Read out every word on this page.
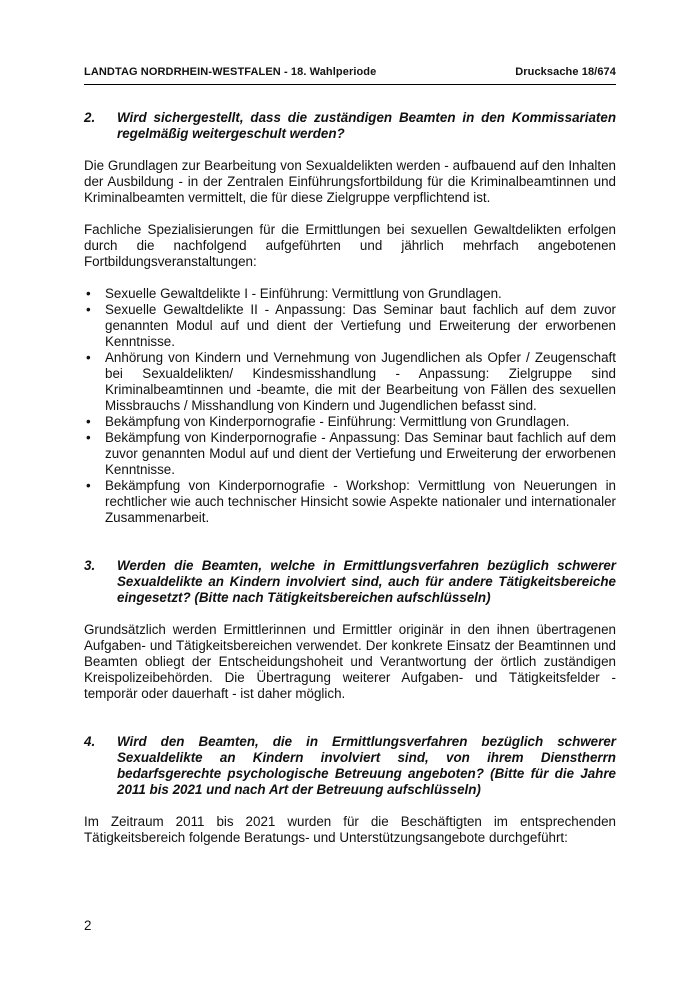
LANDTAG NORDRHEIN-WESTFALEN - 18. Wahlperiode	Drucksache 18/674
2.	Wird sichergestellt, dass die zuständigen Beamten in den Kommissariaten regelmäßig weitergeschult werden?

Die Grundlagen zur Bearbeitung von Sexualdelikten werden - aufbauend auf den Inhalten der Ausbildung - in der Zentralen Einführungsfortbildung für die Kriminalbeamtinnen und Kriminalbeamten vermittelt, die für diese Zielgruppe verpflichtend ist.

Fachliche Spezialisierungen für die Ermittlungen bei sexuellen Gewaltdelikten erfolgen durch die nachfolgend aufgeführten und jährlich mehrfach angebotenen Fortbildungsveranstaltungen:

• Sexuelle Gewaltdelikte I - Einführung: Vermittlung von Grundlagen.
• Sexuelle Gewaltdelikte II - Anpassung: Das Seminar baut fachlich auf dem zuvor genannten Modul auf und dient der Vertiefung und Erweiterung der erworbenen Kenntnisse.
• Anhörung von Kindern und Vernehmung von Jugendlichen als Opfer / Zeugenschaft bei Sexualdelikten/ Kindesmisshandlung - Anpassung: Zielgruppe sind Kriminalbeamtinnen und -beamte, die mit der Bearbeitung von Fällen des sexuellen Missbrauchs / Misshandlung von Kindern und Jugendlichen befasst sind.
• Bekämpfung von Kinderpornografie - Einführung: Vermittlung von Grundlagen.
• Bekämpfung von Kinderpornografie - Anpassung: Das Seminar baut fachlich auf dem zuvor genannten Modul auf und dient der Vertiefung und Erweiterung der erworbenen Kenntnisse.
• Bekämpfung von Kinderpornografie - Workshop: Vermittlung von Neuerungen in rechtlicher wie auch technischer Hinsicht sowie Aspekte nationaler und internationaler Zusammenarbeit.
3.	Werden die Beamten, welche in Ermittlungsverfahren bezüglich schwerer Sexualdelikte an Kindern involviert sind, auch für andere Tätigkeitsbereiche eingesetzt? (Bitte nach Tätigkeitsbereichen aufschlüsseln)

Grundsätzlich werden Ermittlerinnen und Ermittler originär in den ihnen übertragenen Aufgaben- und Tätigkeitsbereichen verwendet. Der konkrete Einsatz der Beamtinnen und Beamten obliegt der Entscheidungshoheit und Verantwortung der örtlich zuständigen Kreispolizeibehörden. Die Übertragung weiterer Aufgaben- und Tätigkeitsfelder - temporär oder dauerhaft - ist daher möglich.

4.	Wird den Beamten, die in Ermittlungsverfahren bezüglich schwerer Sexualdelikte an Kindern involviert sind, von ihrem Dienstherrn bedarfsgerechte psychologische Betreuung angeboten? (Bitte für die Jahre 2011 bis 2021 und nach Art der Betreuung aufschlüsseln)

Im Zeitraum 2011 bis 2021 wurden für die Beschäftigten im entsprechenden Tätigkeitsbereich folgende Beratungs- und Unterstützungsangebote durchgeführt:

2
